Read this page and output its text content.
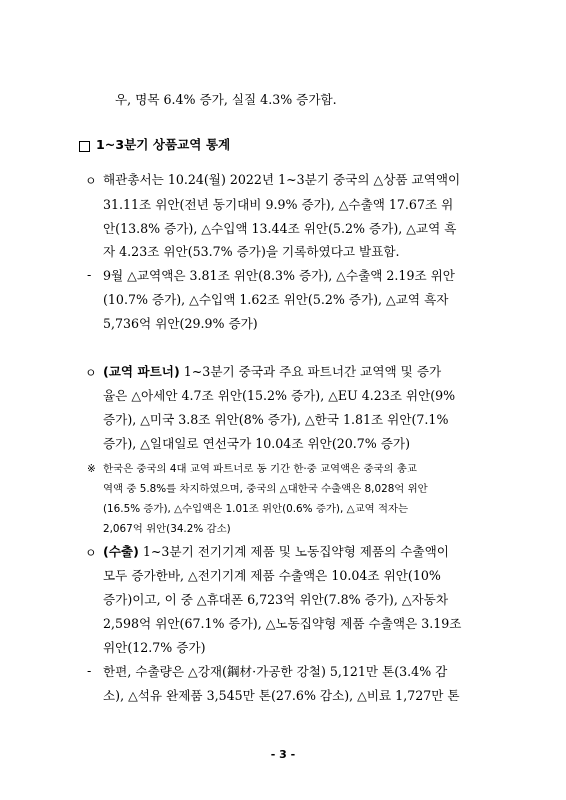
우, 명목 6.4% 증가, 실질 4.3% 증가함.
1~3분기 상품교역 통계
ㅇ 해관총서는 10.24(월) 2022년 1~3분기 중국의 △상품 교역액이
31.11조 위안(전년 동기대비 9.9% 증가), △수출액 17.67조 위
안(13.8% 증가), △수입액 13.44조 위안(5.2% 증가), △교역 흑
자 4.23조 위안(53.7% 증가)을 기록하였다고 발표함.
- 9월 △교역액은 3.81조 위안(8.3% 증가), △수출액 2.19조 위안
(10.7% 증가), △수입액 1.62조 위안(5.2% 증가), △교역 흑자
5,736억 위안(29.9% 증가)
ㅇ (교역 파트너) 1~3분기 중국과 주요 파트너간 교역액 및 증가
율은 △아세안 4.7조 위안(15.2% 증가), △EU 4.23조 위안(9%
증가), △미국 3.8조 위안(8% 증가), △한국 1.81조 위안(7.1%
증가), △일대일로 연선국가 10.04조 위안(20.7% 증가)
※ 한국은 중국의 4대 교역 파트너로 동 기간 한·중 교역액은 중국의 총교
역액 중 5.8%를 차지하였으며, 중국의 △대한국 수출액은 8,028억 위안
(16.5% 증가), △수입액은 1.01조 위안(0.6% 증가), △교역 적자는
2,067억 위안(34.2% 감소)
ㅇ (수출) 1~3분기 전기기계 제품 및 노동집약형 제품의 수출액이
모두 증가한바, △전기기계 제품 수출액은 10.04조 위안(10%
증가)이고, 이 중 △휴대폰 6,723억 위안(7.8% 증가), △자동차
2,598억 위안(67.1% 증가), △노동집약형 제품 수출액은 3.19조
위안(12.7% 증가)
- 한편, 수출량은 △강재(鋼材·가공한 강철) 5,121만 톤(3.4% 감
소), △석유 완제품 3,545만 톤(27.6% 감소), △비료 1,727만 톤
- 3 -
